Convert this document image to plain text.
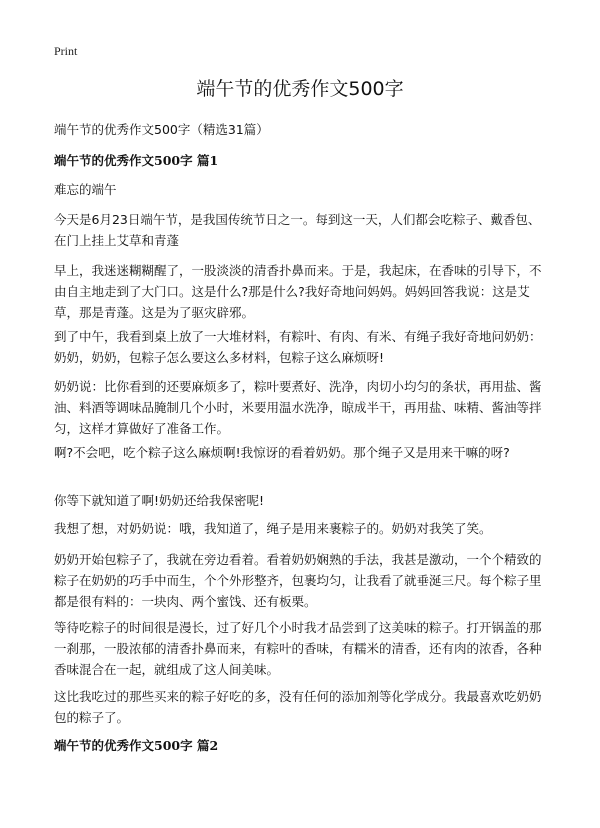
Print
端午节的优秀作文500字
端午节的优秀作文500字（精选31篇）
端午节的优秀作文500字 篇1

难忘的端午

今天是6月23日端午节，是我国传统节日之一。每到这一天，人们都会吃粽子、戴香包、在门上挂上艾草和青蓬

早上，我迷迷糊糊醒了，一股淡淡的清香扑鼻而来。于是，我起床，在香味的引导下，不由自主地走到了大门口。这是什么?那是什么?我好奇地问妈妈。妈妈回答我说：这是艾草，那是青蓬。这是为了驱灾辟邪。

到了中午，我看到桌上放了一大堆材料，有粽叶、有肉、有米、有绳子我好奇地问奶奶：奶奶，奶奶，包粽子怎么要这么多材料，包粽子这么麻烦呀!

奶奶说：比你看到的还要麻烦多了，粽叶要煮好、洗净，肉切小均匀的条状，再用盐、酱油、料酒等调味品腌制几个小时，米要用温水洗净，晾成半干，再用盐、味精、酱油等拌匀，这样才算做好了准备工作。

啊?不会吧，吃个粽子这么麻烦啊!我惊讶的看着奶奶。那个绳子又是用来干嘛的呀?

你等下就知道了啊!奶奶还给我保密呢!

我想了想，对奶奶说：哦，我知道了，绳子是用来裹粽子的。奶奶对我笑了笑。

奶奶开始包粽子了，我就在旁边看着。看着奶奶娴熟的手法，我甚是激动，一个个精致的粽子在奶奶的巧手中而生，个个外形整齐，包裹均匀，让我看了就垂涎三尺。每个粽子里都是很有料的：一块肉、两个蜜饯、还有板栗。

等待吃粽子的时间很是漫长，过了好几个小时我才品尝到了这美味的粽子。打开锅盖的那一刹那，一股浓郁的清香扑鼻而来，有粽叶的香味，有糯米的清香，还有肉的浓香，各种香味混合在一起，就组成了这人间美味。

这比我吃过的那些买来的粽子好吃的多，没有任何的添加剂等化学成分。我最喜欢吃奶奶包的粽子了。

端午节的优秀作文500字 篇2
